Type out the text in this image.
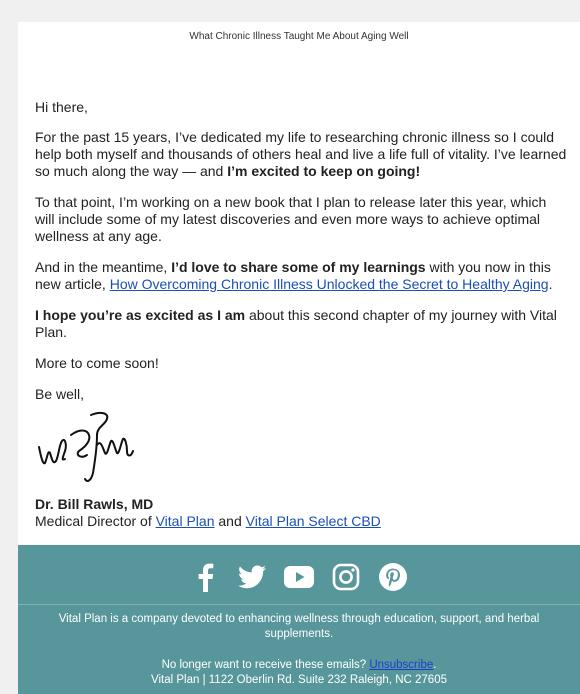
What Chronic Illness Taught Me About Aging Well

Hi there,

For the past 15 years, I’ve dedicated my life to researching chronic illness so I could help both myself and thousands of others heal and live a life full of vitality. I’ve learned so much along the way — and I’m excited to keep on going!

To that point, I’m working on a new book that I plan to release later this year, which will include some of my latest discoveries and even more ways to achieve optimal wellness at any age.

And in the meantime, I’d love to share some of my learnings with you now in this new article, How Overcoming Chronic Illness Unlocked the Secret to Healthy Aging.

I hope you’re as excited as I am about this second chapter of my journey with Vital Plan.

More to come soon!

Be well,

Dr. Bill Rawls, MD
Medical Director of Vital Plan and Vital Plan Select CBD

Vital Plan is a company devoted to enhancing wellness through education, support, and herbal supplements.

No longer want to receive these emails? Unsubscribe.

Vital Plan | 1122 Oberlin Rd. Suite 232 Raleigh, NC 27605
